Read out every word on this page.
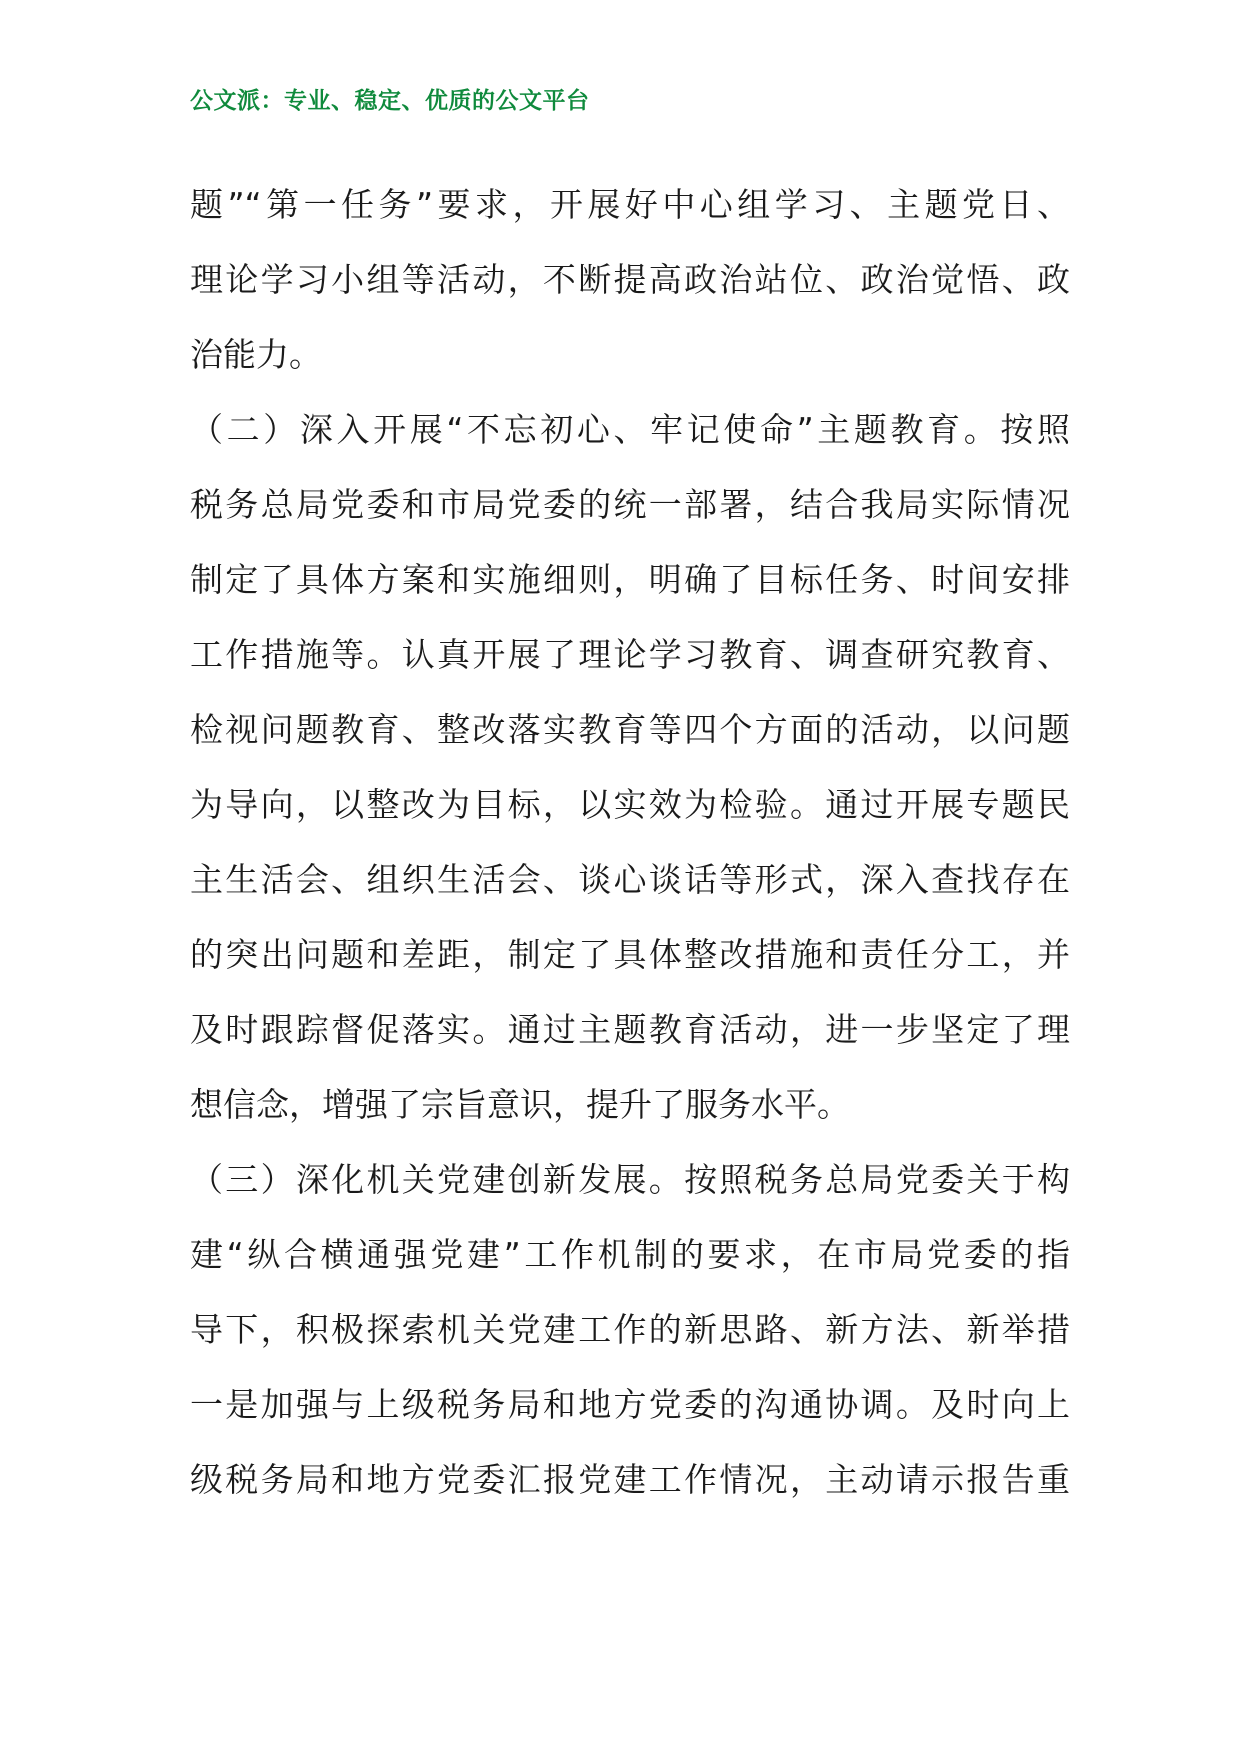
公文派：专业、稳定、优质的公文平台
题”“第一任务”要求，开展好中心组学习、主题党日、
理论学习小组等活动，不断提高政治站位、政治觉悟、政
治能力。
（二）深入开展“不忘初心、牢记使命”主题教育。按照
税务总局党委和市局党委的统一部署，结合我局实际情况
制定了具体方案和实施细则，明确了目标任务、时间安排
工作措施等。认真开展了理论学习教育、调查研究教育、
检视问题教育、整改落实教育等四个方面的活动，以问题
为导向，以整改为目标，以实效为检验。通过开展专题民
主生活会、组织生活会、谈心谈话等形式，深入查找存在
的突出问题和差距，制定了具体整改措施和责任分工，并
及时跟踪督促落实。通过主题教育活动，进一步坚定了理
想信念，增强了宗旨意识，提升了服务水平。
（三）深化机关党建创新发展。按照税务总局党委关于构
建“纵合横通强党建”工作机制的要求，在市局党委的指
导下，积极探索机关党建工作的新思路、新方法、新举措
一是加强与上级税务局和地方党委的沟通协调。及时向上
级税务局和地方党委汇报党建工作情况，主动请示报告重
